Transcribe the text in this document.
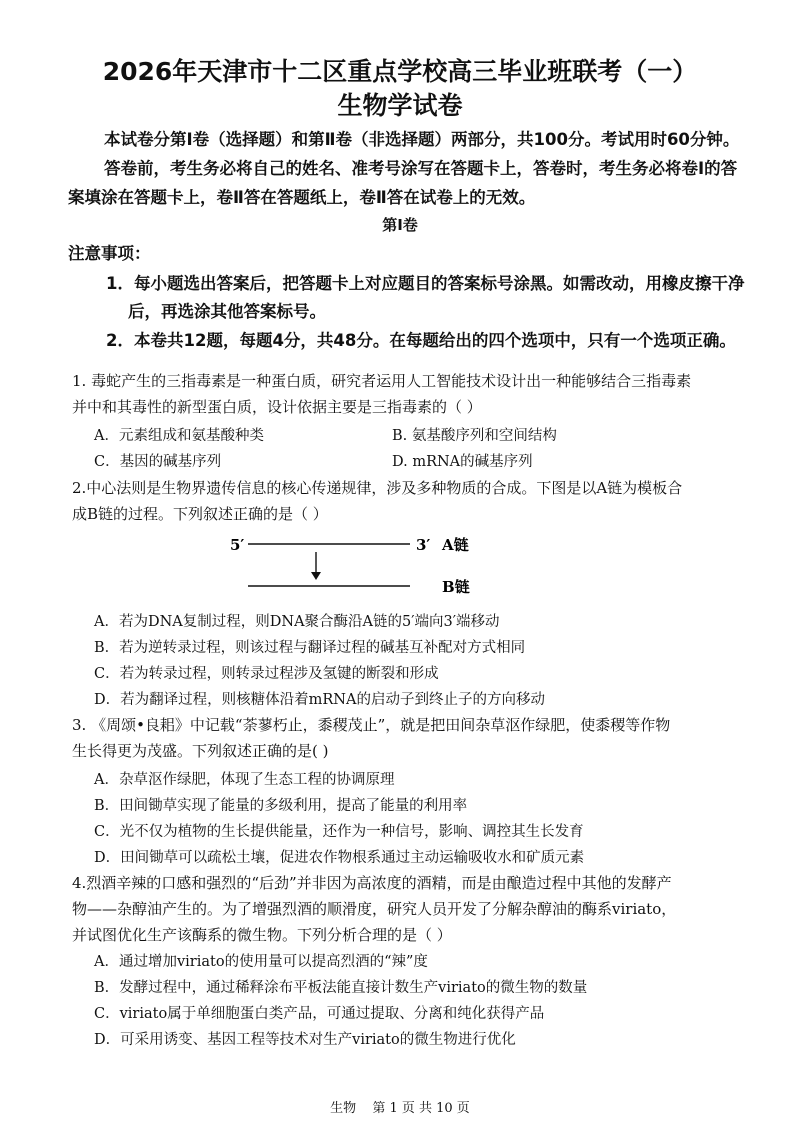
2026年天津市十二区重点学校高三毕业班联考（一）
生物学试卷
本试卷分第Ⅰ卷（选择题）和第Ⅱ卷（非选择题）两部分，共100分。考试用时60分钟。
答卷前，考生务必将自己的姓名、准考号涂写在答题卡上，答卷时，考生务必将卷Ⅰ的答
案填涂在答题卡上，卷Ⅱ答在答题纸上，卷Ⅱ答在试卷上的无效。
第Ⅰ卷
注意事项：
1．每小题选出答案后，把答题卡上对应题目的答案标号涂黑。如需改动，用橡皮擦干净
后，再选涂其他答案标号。
2．本卷共12题，每题4分，共48分。在每题给出的四个选项中，只有一个选项正确。
1. 毒蛇产生的三指毒素是一种蛋白质，研究者运用人工智能技术设计出一种能够结合三指毒素
并中和其毒性的新型蛋白质，设计依据主要是三指毒素的（ ）
A．元素组成和氨基酸种类	B. 氨基酸序列和空间结构
C．基因的碱基序列	D. mRNA的碱基序列
2.中心法则是生物界遗传信息的核心传递规律，涉及多种物质的合成。下图是以A链为模板合
成B链的过程。下列叙述正确的是（ ）
5′	3′ A链
B链
A．若为DNA复制过程，则DNA聚合酶沿A链的5′端向3′端移动
B．若为逆转录过程，则该过程与翻译过程的碱基互补配对方式相同
C．若为转录过程，则转录过程涉及氢键的断裂和形成
D．若为翻译过程，则核糖体沿着mRNA的启动子到终止子的方向移动
3. 《周颂•良耜》中记载“荼蓼朽止，黍稷茂止”，就是把田间杂草沤作绿肥，使黍稷等作物
生长得更为茂盛。下列叙述正确的是( )
A．杂草沤作绿肥，体现了生态工程的协调原理
B．田间锄草实现了能量的多级利用，提高了能量的利用率
C．光不仅为植物的生长提供能量，还作为一种信号，影响、调控其生长发育
D．田间锄草可以疏松土壤，促进农作物根系通过主动运输吸收水和矿质元素
4.烈酒辛辣的口感和强烈的“后劲”并非因为高浓度的酒精，而是由酿造过程中其他的发酵产
物——杂醇油产生的。为了增强烈酒的顺滑度，研究人员开发了分解杂醇油的酶系viriato，
并试图优化生产该酶系的微生物。下列分析合理的是（ ）
A．通过增加viriato的使用量可以提高烈酒的“辣”度
B．发酵过程中，通过稀释涂布平板法能直接计数生产viriato的微生物的数量
C．viriato属于单细胞蛋白类产品，可通过提取、分离和纯化获得产品
D．可采用诱变、基因工程等技术对生产viriato的微生物进行优化
生物 第 1 页 共 10 页
